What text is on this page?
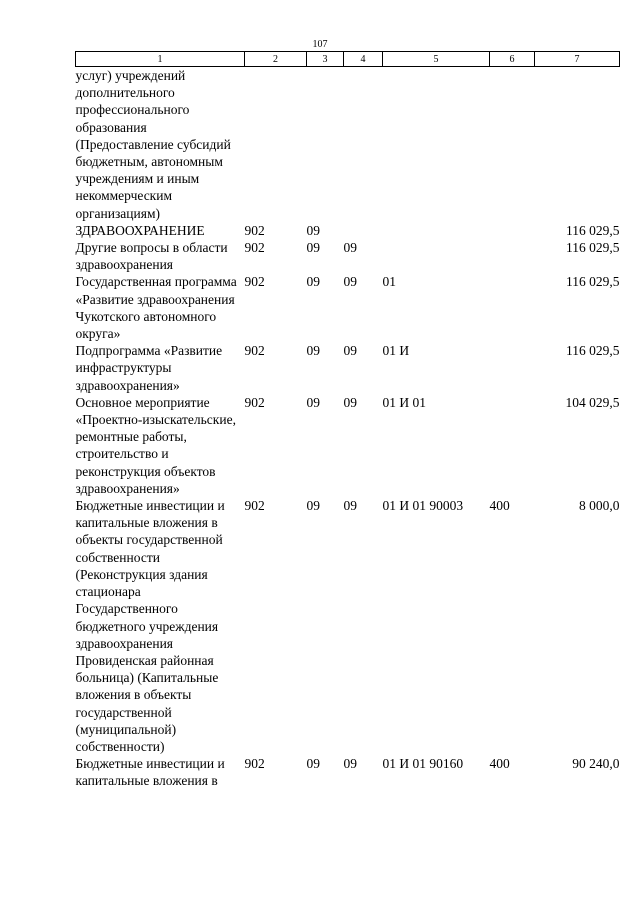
107
1	2	3	4	5	6	7
услуг) учреждений дополнительного профессионального образования (Предоставление субсидий бюджетным, автономным учреждениям и иным некоммерческим организациям)						
ЗДРАВООХРАНЕНИЕ	902	09				116 029,5
Другие вопросы в области здравоохранения	902	09	09			116 029,5
Государственная программа «Развитие здравоохранения Чукотского автономного округа»	902	09	09	01		116 029,5
Подпрограмма «Развитие инфраструктуры здравоохранения»	902	09	09	01 И		116 029,5
Основное мероприятие «Проектно-изыскательские, ремонтные работы, строительство и реконструкция объектов здравоохранения»	902	09	09	01 И 01		104 029,5
Бюджетные инвестиции и капитальные вложения в объекты государственной собственности (Реконструкция здания стационара Государственного бюджетного учреждения здравоохранения Провиденская районная больница) (Капитальные вложения в объекты государственной (муниципальной) собственности)	902	09	09	01 И 01 90003	400	8 000,0
Бюджетные инвестиции и капитальные вложения в	902	09	09	01 И 01 90160	400	90 240,0
